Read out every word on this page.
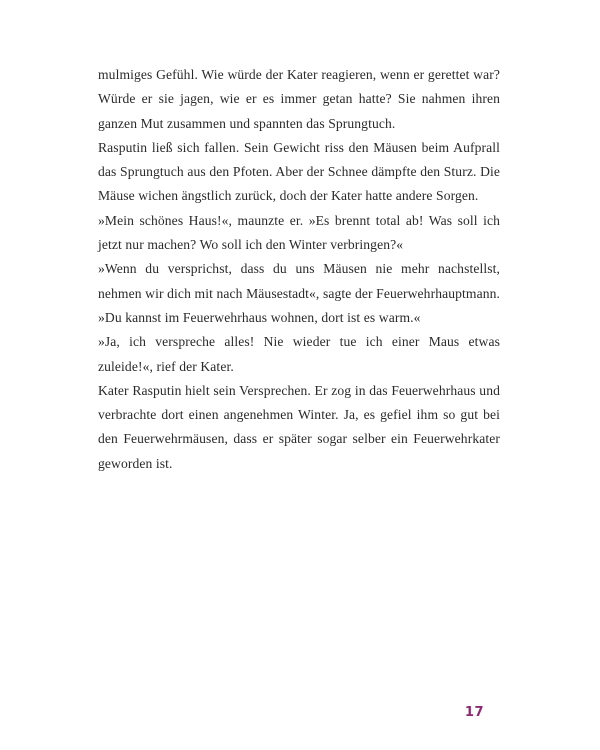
mulmiges Gefühl. Wie würde der Kater reagieren, wenn er gerettet war? Würde er sie jagen, wie er es immer getan hatte? Sie nahmen ihren ganzen Mut zusammen und spannten das Sprungtuch.

Rasputin ließ sich fallen. Sein Gewicht riss den Mäusen beim Aufprall das Sprungtuch aus den Pfoten. Aber der Schnee dämpfte den Sturz. Die Mäuse wichen ängstlich zurück, doch der Kater hatte andere Sorgen.

»Mein schönes Haus!«, maunzte er. »Es brennt total ab! Was soll ich jetzt nur machen? Wo soll ich den Winter verbringen?«

»Wenn du versprichst, dass du uns Mäusen nie mehr nachstellst, nehmen wir dich mit nach Mäusestadt«, sagte der Feuerwehrhauptmann. »Du kannst im Feuerwehrhaus wohnen, dort ist es warm.«

»Ja, ich verspreche alles! Nie wieder tue ich einer Maus etwas zuleide!«, rief der Kater.

Kater Rasputin hielt sein Versprechen. Er zog in das Feuerwehrhaus und verbrachte dort einen angenehmen Winter. Ja, es gefiel ihm so gut bei den Feuerwehrmäusen, dass er später sogar selber ein Feuerwehrkater geworden ist.

17
